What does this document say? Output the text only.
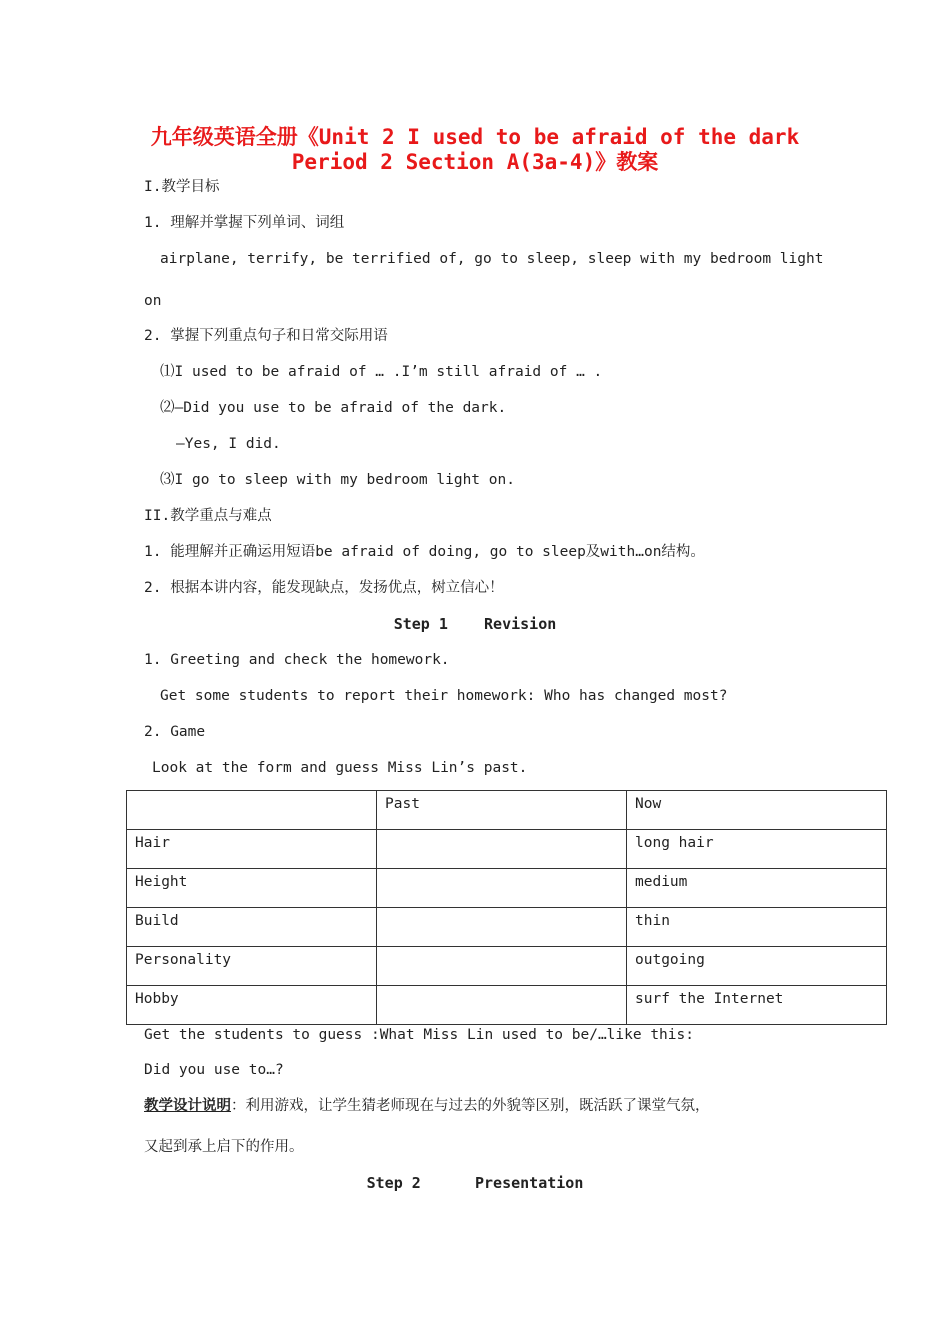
九年级英语全册《Unit 2 I used to be afraid of the dark
Period 2 Section A(3a-4)》教案
I.教学目标
1. 理解并掌握下列单词、词组
airplane, terrify, be terrified of, go to sleep, sleep with my bedroom light
on
2. 掌握下列重点句子和日常交际用语
⑴I used to be afraid of … .I’m still afraid of … .
⑵—Did you use to be afraid of the dark.
—Yes, I did.
⑶I go to sleep with my bedroom light on.
II.教学重点与难点
1. 能理解并正确运用短语be afraid of doing, go to sleep及with…on结构。
2. 根据本讲内容，能发现缺点，发扬优点，树立信心！
Step 1    Revision
1. Greeting and check the homework.
Get some students to report their homework: Who has changed most?
2. Game
Look at the form and guess Miss Lin’s past.
	Past	Now
Hair		long hair
Height		medium
Build		thin
Personality		outgoing
Hobby		surf the Internet
Get the students to guess :What Miss Lin used to be/…like this:
Did you use to…?
教学设计说明：利用游戏，让学生猜老师现在与过去的外貌等区别，既活跃了课堂气氛，
又起到承上启下的作用。
Step 2      Presentation
